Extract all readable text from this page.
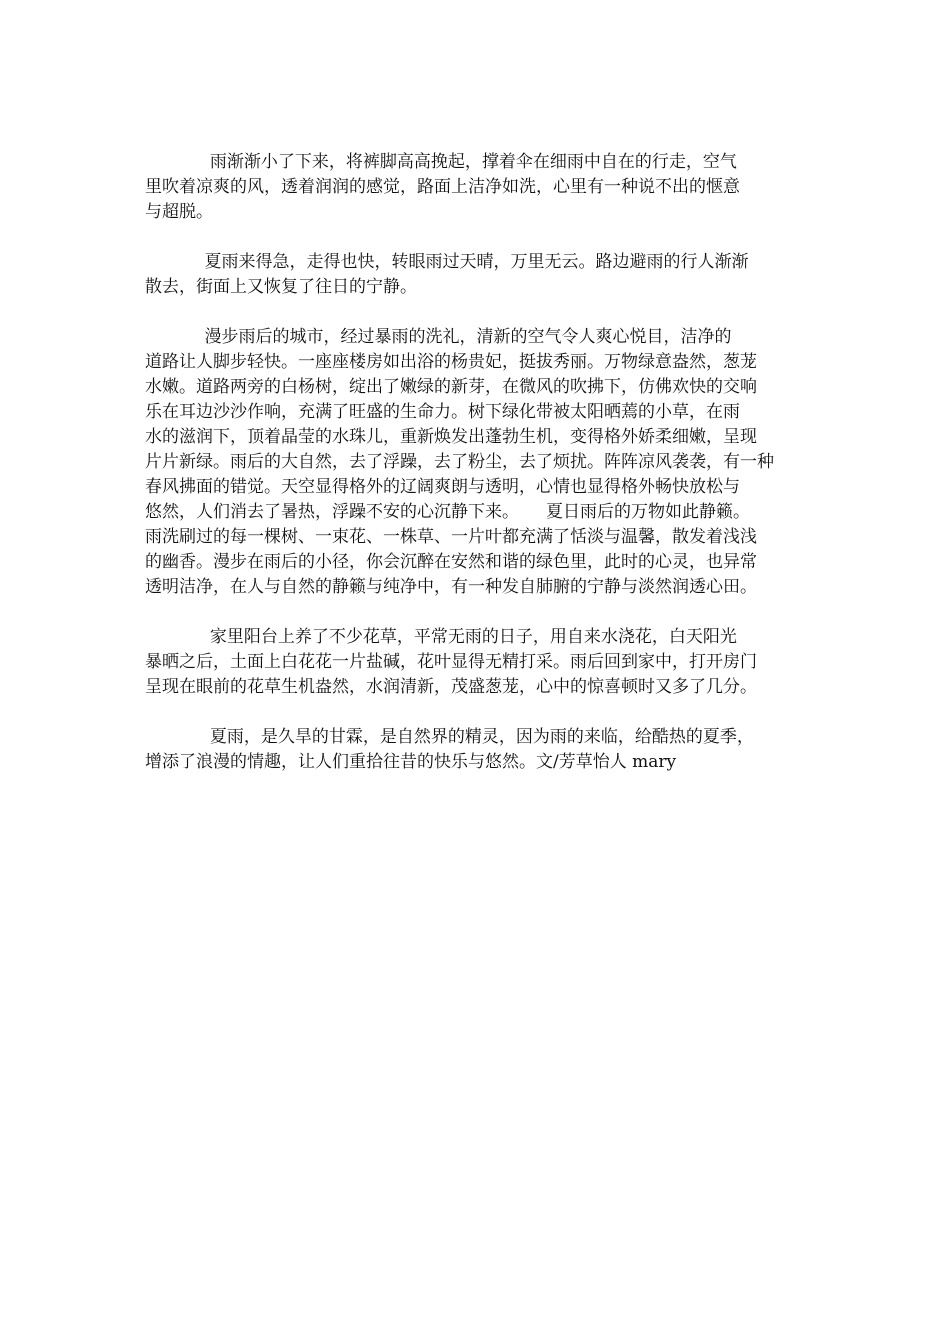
雨渐渐小了下来，将裤脚高高挽起，撑着伞在细雨中自在的行走，空气
里吹着凉爽的风，透着润润的感觉，路面上洁净如洗，心里有一种说不出的惬意
与超脱。
夏雨来得急，走得也快，转眼雨过天晴，万里无云。路边避雨的行人渐渐
散去，街面上又恢复了往日的宁静。
漫步雨后的城市，经过暴雨的洗礼，清新的空气令人爽心悦目，洁净的
道路让人脚步轻快。一座座楼房如出浴的杨贵妃，挺拔秀丽。万物绿意盎然，葱茏
水嫩。道路两旁的白杨树，绽出了嫩绿的新芽，在微风的吹拂下，仿佛欢快的交响
乐在耳边沙沙作响，充满了旺盛的生命力。树下绿化带被太阳晒蔫的小草，在雨
水的滋润下，顶着晶莹的水珠儿，重新焕发出蓬勃生机，变得格外娇柔细嫩，呈现
片片新绿。雨后的大自然，去了浮躁，去了粉尘，去了烦扰。阵阵凉风袭袭，有一种
春风拂面的错觉。天空显得格外的辽阔爽朗与透明，心情也显得格外畅快放松与
悠然，人们消去了暑热，浮躁不安的心沉静下来。     夏日雨后的万物如此静籁。
雨洗刷过的每一棵树、一束花、一株草、一片叶都充满了恬淡与温馨，散发着浅浅
的幽香。漫步在雨后的小径，你会沉醉在安然和谐的绿色里，此时的心灵，也异常
透明洁净，在人与自然的静籁与纯净中，有一种发自肺腑的宁静与淡然润透心田。
家里阳台上养了不少花草，平常无雨的日子，用自来水浇花，白天阳光
暴晒之后，土面上白花花一片盐碱，花叶显得无精打采。雨后回到家中，打开房门
呈现在眼前的花草生机盎然，水润清新，茂盛葱茏，心中的惊喜顿时又多了几分。
夏雨，是久旱的甘霖，是自然界的精灵，因为雨的来临，给酷热的夏季，
增添了浪漫的情趣，让人们重拾往昔的快乐与悠然。文/芳草怡人 mary
